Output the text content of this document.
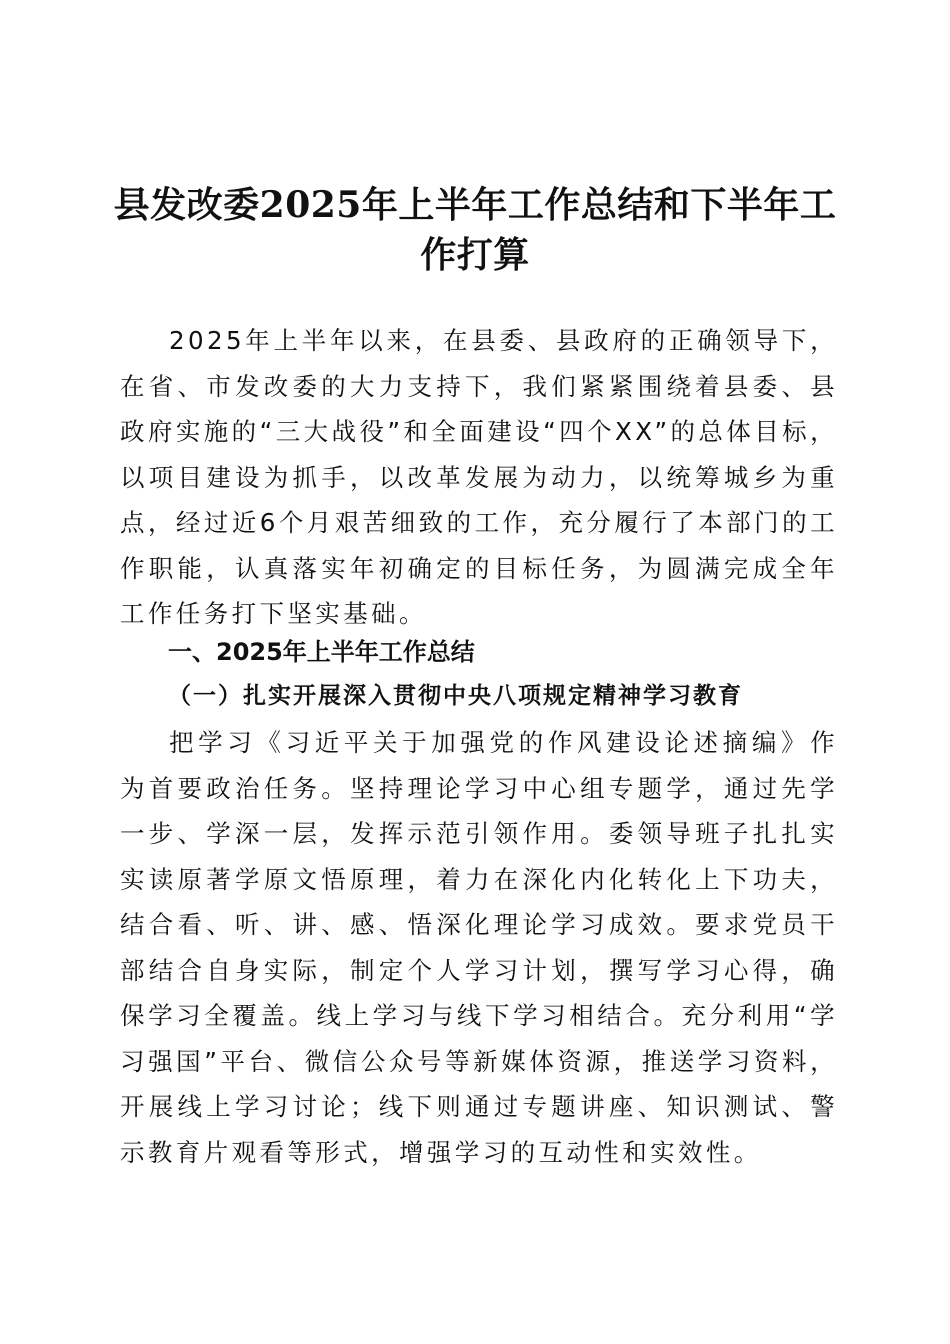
县发改委2025年上半年工作总结和下半年工作打算

2025年上半年以来，在县委、县政府的正确领导下，在省、市发改委的大力支持下，我们紧紧围绕着县委、县政府实施的“三大战役”和全面建设“四个XX”的总体目标，以项目建设为抓手，以改革发展为动力，以统筹城乡为重点，经过近6个月艰苦细致的工作，充分履行了本部门的工作职能，认真落实年初确定的目标任务，为圆满完成全年工作任务打下坚实基础。

一、2025年上半年工作总结
（一）扎实开展深入贯彻中央八项规定精神学习教育

把学习《习近平关于加强党的作风建设论述摘编》作为首要政治任务。坚持理论学习中心组专题学，通过先学一步、学深一层，发挥示范引领作用。委领导班子扎扎实实读原著学原文悟原理，着力在深化内化转化上下功夫，结合看、听、讲、感、悟深化理论学习成效。要求党员干部结合自身实际，制定个人学习计划，撰写学习心得，确保学习全覆盖。线上学习与线下学习相结合。充分利用“学习强国”平台、微信公众号等新媒体资源，推送学习资料，开展线上学习讨论；线下则通过专题讲座、知识测试、警示教育片观看等形式，增强学习的互动性和实效性。
